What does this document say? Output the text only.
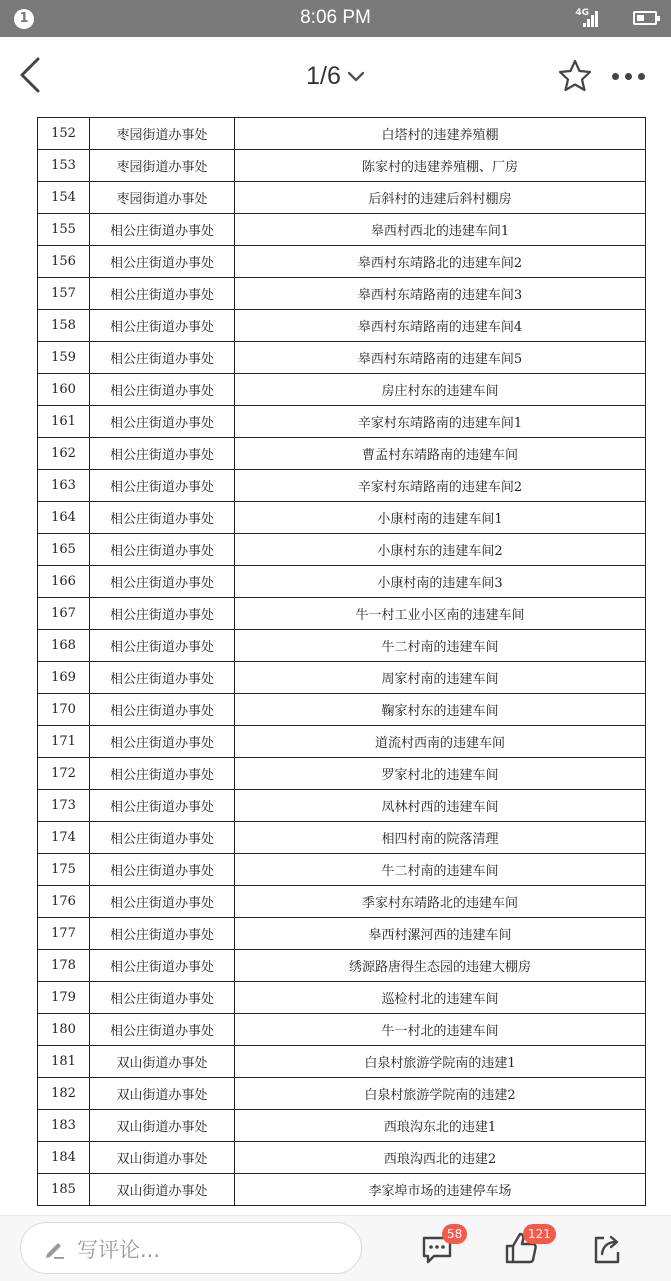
1	8:06 PM	4G
1/6
152	枣园街道办事处	白塔村的违建养殖棚
153	枣园街道办事处	陈家村的违建养殖棚、厂房
154	枣园街道办事处	后斜村的违建后斜村棚房
155	相公庄街道办事处	皋西村西北的违建车间1
156	相公庄街道办事处	皋西村东靖路北的违建车间2
157	相公庄街道办事处	皋西村东靖路南的违建车间3
158	相公庄街道办事处	皋西村东靖路南的违建车间4
159	相公庄街道办事处	皋西村东靖路南的违建车间5
160	相公庄街道办事处	房庄村东的违建车间
161	相公庄街道办事处	辛家村东靖路南的违建车间1
162	相公庄街道办事处	曹孟村东靖路南的违建车间
163	相公庄街道办事处	辛家村东靖路南的违建车间2
164	相公庄街道办事处	小康村南的违建车间1
165	相公庄街道办事处	小康村东的违建车间2
166	相公庄街道办事处	小康村南的违建车间3
167	相公庄街道办事处	牛一村工业小区南的违建车间
168	相公庄街道办事处	牛二村南的违建车间
169	相公庄街道办事处	周家村南的违建车间
170	相公庄街道办事处	鞠家村东的违建车间
171	相公庄街道办事处	道流村西南的违建车间
172	相公庄街道办事处	罗家村北的违建车间
173	相公庄街道办事处	凤林村西的违建车间
174	相公庄街道办事处	相四村南的院落清理
175	相公庄街道办事处	牛二村南的违建车间
176	相公庄街道办事处	季家村东靖路北的违建车间
177	相公庄街道办事处	皋西村漯河西的违建车间
178	相公庄街道办事处	绣源路唐得生态园的违建大棚房
179	相公庄街道办事处	巡检村北的违建车间
180	相公庄街道办事处	牛一村北的违建车间
181	双山街道办事处	白泉村旅游学院南的违建1
182	双山街道办事处	白泉村旅游学院南的违建2
183	双山街道办事处	西琅沟东北的违建1
184	双山街道办事处	西琅沟西北的违建2
185	双山街道办事处	李家埠市场的违建停车场
写评论...
58	121
